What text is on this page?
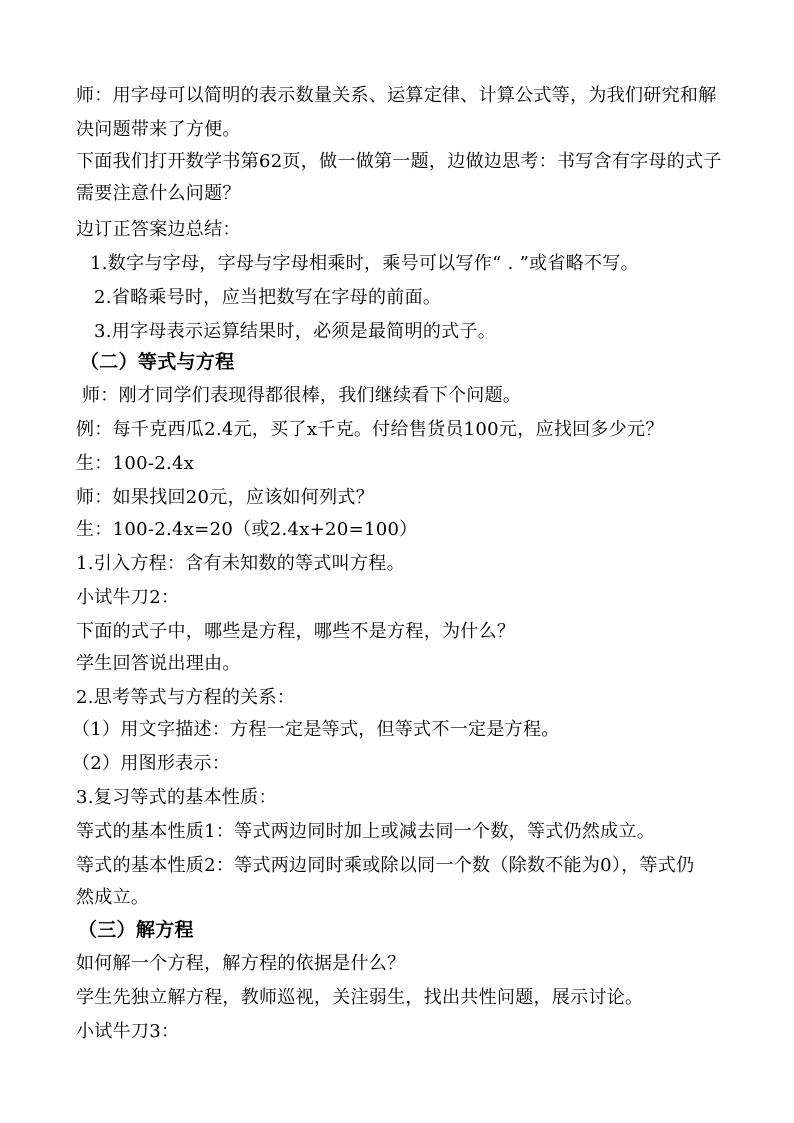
师：用字母可以简明的表示数量关系、运算定律、计算公式等，为我们研究和解
决问题带来了方便。
下面我们打开数学书第62页，做一做第一题，边做边思考：书写含有字母的式子
需要注意什么问题？
边订正答案边总结：
1.数字与字母，字母与字母相乘时，乘号可以写作“ . ”或省略不写。
2.省略乘号时，应当把数写在字母的前面。
3.用字母表示运算结果时，必须是最简明的式子。
（二）等式与方程
师：刚才同学们表现得都很棒，我们继续看下个问题。
例：每千克西瓜2.4元，买了x千克。付给售货员100元，应找回多少元？
生：100-2.4x
师：如果找回20元，应该如何列式？
生：100-2.4x=20（或2.4x+20=100）
1.引入方程：含有未知数的等式叫方程。
小试牛刀2：
下面的式子中，哪些是方程，哪些不是方程，为什么？
学生回答说出理由。
2.思考等式与方程的关系：
（1）用文字描述：方程一定是等式，但等式不一定是方程。
（2）用图形表示：
3.复习等式的基本性质：
等式的基本性质1：等式两边同时加上或减去同一个数，等式仍然成立。
等式的基本性质2：等式两边同时乘或除以同一个数（除数不能为0），等式仍
然成立。
（三）解方程
如何解一个方程，解方程的依据是什么？
学生先独立解方程，教师巡视，关注弱生，找出共性问题，展示讨论。
小试牛刀3：
